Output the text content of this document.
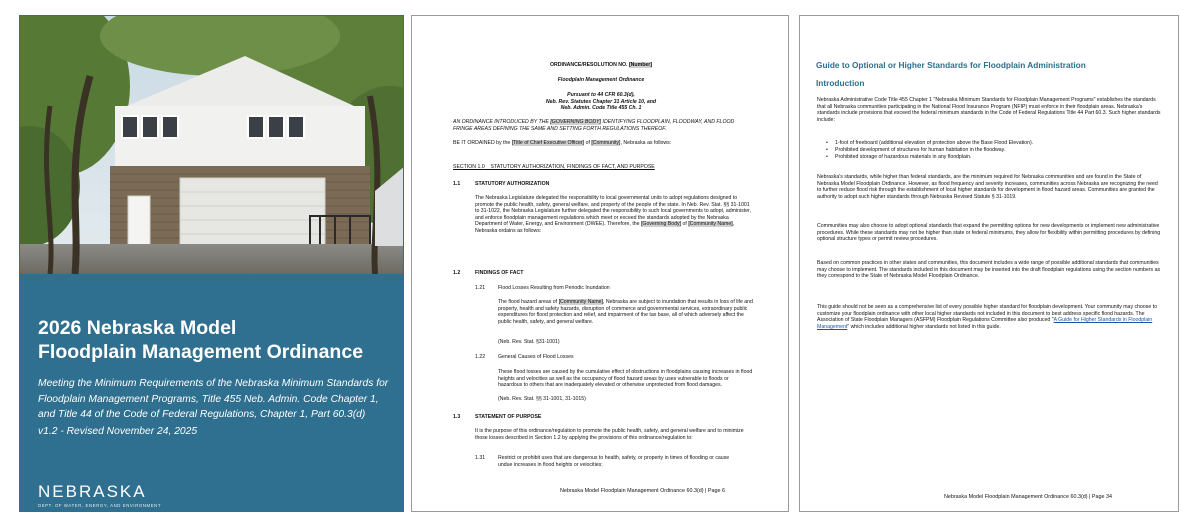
2026 Nebraska Model
Floodplain Management Ordinance
Meeting the Minimum Requirements of the Nebraska Minimum Standards for Floodplain Management Programs, Title 455 Neb. Admin. Code Chapter 1, and Title 44 of the Code of Federal Regulations, Chapter 1, Part 60.3(d)
v1.2 - Revised November 24, 2025
NEBRASKA
DEPT. OF WATER, ENERGY, AND ENVIRONMENT
ORDINANCE/RESOLUTION NO. [Number]
Floodplain Management Ordinance
Pursuant to 44 CFR 60.3(d),
Neb. Rev. Statutes Chapter 31 Article 10, and
Neb. Admin. Code Title 455 Ch. 1
AN ORDINANCE INTRODUCED BY THE [GOVERNING BODY] IDENTIFYING FLOODPLAIN, FLOODWAY, AND FLOOD FRINGE AREAS DEFINING THE SAME AND SETTING FORTH REGULATIONS THEREOF.
BE IT ORDAINED by the [Title of Chief Executive Officer] of [Community], Nebraska as follows:
SECTION 1.0 STATUTORY AUTHORIZATION, FINDINGS OF FACT, AND PURPOSE
1.1	STATUTORY AUTHORIZATION
The Nebraska Legislature delegated the responsibility to local governmental units to adopt regulations designed to promote the public health, safety, general welfare, and property of the people of the state. In Neb. Rev. Stat. §§ 31-1001 to 31-1022, the Nebraska Legislature further delegated the responsibility to such local governments to adopt, administer, and enforce floodplain management regulations which meet or exceed the standards adopted by the Nebraska Department of Water, Energy, and Environment (DWEE). Therefore, the [Governing Body] of [Community Name], Nebraska ordains as follows:
1.2	FINDINGS OF FACT
1.21 Flood Losses Resulting from Periodic Inundation
The flood hazard areas of [Community Name], Nebraska are subject to inundation that results in loss of life and property, health and safety hazards, disruption of commerce and governmental services, extraordinary public expenditures for flood protection and relief, and impairment of the tax base, all of which adversely affect the public health, safety, and general welfare.
(Neb. Rev. Stat. §31-1001)
1.22 General Causes of Flood Losses
These flood losses are caused by the cumulative effect of obstructions in floodplains causing increases in flood heights and velocities as well as the occupancy of flood hazard areas by uses vulnerable to floods or hazardous to others that are inadequately elevated or otherwise unprotected from flood damages.
(Neb. Rev. Stat. §§ 31-1001, 31-1015)
1.3	STATEMENT OF PURPOSE
It is the purpose of this ordinance/regulation to promote the public health, safety, and general welfare and to minimize those losses described in Section 1.2 by applying the provisions of this ordinance/regulation to:
1.31 Restrict or prohibit uses that are dangerous to health, safety, or property in times of flooding or cause undue increases in flood heights or velocities;
Nebraska Model Floodplain Management Ordinance 60.3(d) | Page 6
Guide to Optional or Higher Standards for Floodplain Administration
Introduction
Nebraska Administrative Code Title 455 Chapter 1 "Nebraska Minimum Standards for Floodplain Management Programs" establishes the standards that all Nebraska communities participating in the National Flood Insurance Program (NFIP) must enforce in their floodplain areas. Nebraska's standards include provisions that exceed the federal minimum standards in the Code of Federal Regulations Title 44 Part 60.3. Such higher standards include:
• 1-foot of freeboard (additional elevation of protection above the Base Flood Elevation).
• Prohibited development of structures for human habitation in the floodway.
• Prohibited storage of hazardous materials in any floodplain.
Nebraska's standards, while higher than federal standards, are the minimum required for Nebraska communities and are found in the State of Nebraska Model Floodplain Ordinance. However, as flood frequency and severity increases, communities across Nebraska are recognizing the need to further reduce flood risk through the establishment of local higher standards for development in flood hazard areas. Communities are granted the authority to adopt such higher standards through Nebraska Revised Statute § 31-1019.
Communities may also choose to adopt optional standards that expand the permitting options for new developments or implement new administrative procedures. While these standards may not be higher than state or federal minimums, they allow for flexibility within permitting procedures by defining optional structure types or permit review procedures.
Based on common practices in other states and communities, this document includes a wide range of possible additional standards that communities may choose to implement. The standards included in this document may be inserted into the draft floodplain regulations using the section numbers as they correspond to the State of Nebraska Model Floodplain Ordinance.
This guide should not be seen as a comprehensive list of every possible higher standard for floodplain development. Your community may choose to customize your floodplain ordinance with other local higher standards not included in this document to best address specific flood hazards. The Association of State Floodplain Managers (ASFPM) Floodplain Regulations Committee also produced "A Guide for Higher Standards in Floodplain Management" which includes additional higher standards not listed in this guide.
Nebraska Model Floodplain Management Ordinance 60.3(d) | Page 34
